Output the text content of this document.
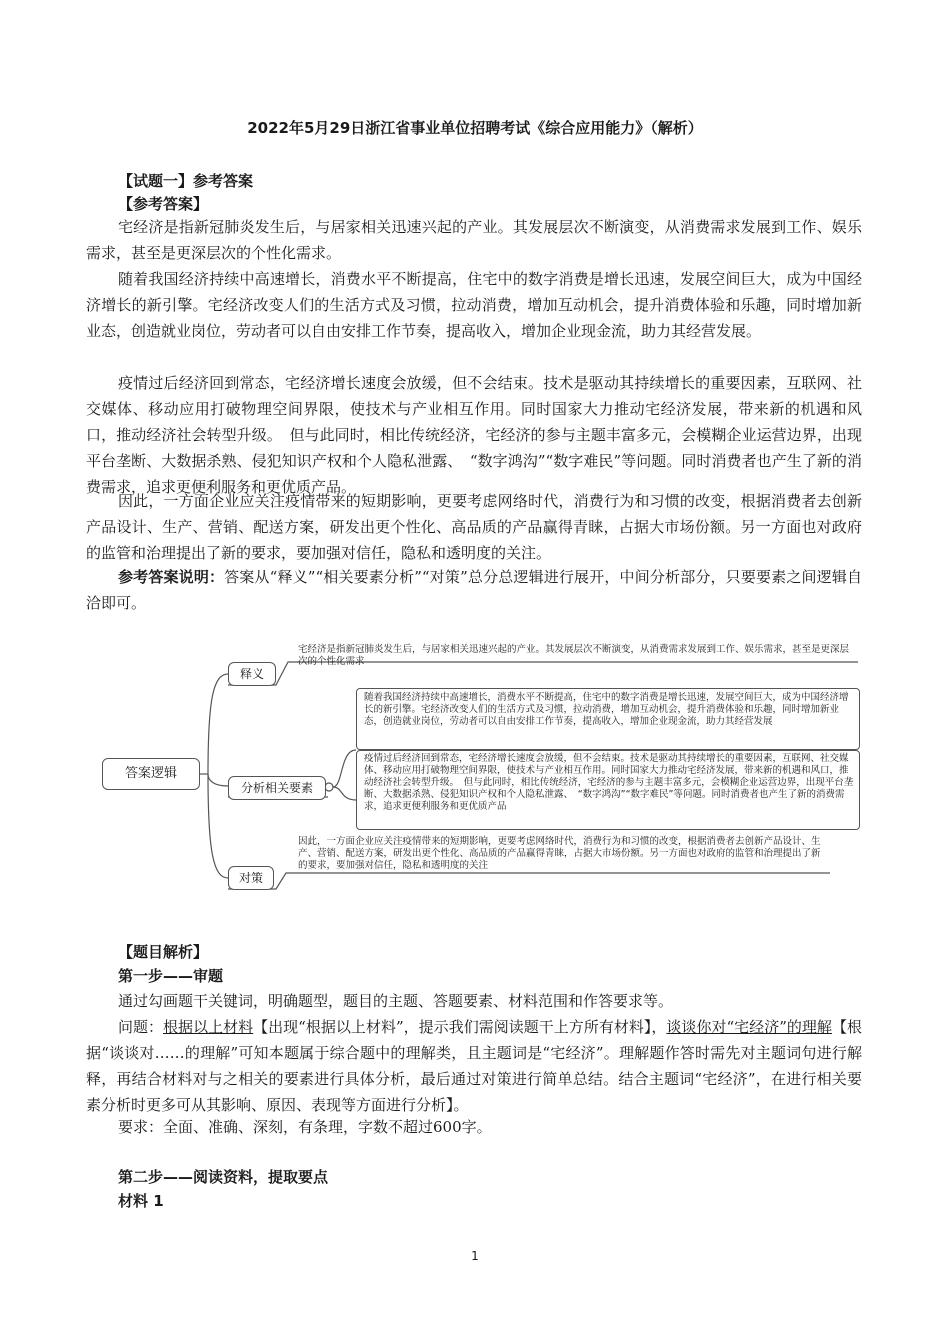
2022年5月29日浙江省事业单位招聘考试《综合应用能力》（解析）
【试题一】参考答案
【参考答案】

宅经济是指新冠肺炎发生后，与居家相关迅速兴起的产业。其发展层次不断演变，从消费需求发展到工作、娱乐需求，甚至是更深层次的个性化需求。

随着我国经济持续中高速增长，消费水平不断提高，住宅中的数字消费是增长迅速，发展空间巨大，成为中国经济增长的新引擎。宅经济改变人们的生活方式及习惯，拉动消费，增加互动机会，提升消费体验和乐趣，同时增加新业态，创造就业岗位，劳动者可以自由安排工作节奏，提高收入，增加企业现金流，助力其经营发展。

疫情过后经济回到常态，宅经济增长速度会放缓，但不会结束。技术是驱动其持续增长的重要因素，互联网、社交媒体、移动应用打破物理空间界限，使技术与产业相互作用。同时国家大力推动宅经济发展，带来新的机遇和风口，推动经济社会转型升级。　但与此同时，相比传统经济，宅经济的参与主题丰富多元，会模糊企业运营边界，出现平台垄断、大数据杀熟、侵犯知识产权和个人隐私泄露、　“数字鸿沟”“数字难民”等问题。同时消费者也产生了新的消费需求，追求更便利服务和更优质产品。

因此，一方面企业应关注疫情带来的短期影响，更要考虑网络时代，消费行为和习惯的改变，根据消费者去创新产品设计、生产、营销、配送方案，研发出更个性化、高品质的产品赢得青睐，占据大市场份额。另一方面也对政府的监管和治理提出了新的要求，要加强对信任，隐私和透明度的关注。

参考答案说明：答案从“释义”“相关要素分析”“对策”总分总逻辑进行展开，中间分析部分，只要要素之间逻辑自洽即可。

答案逻辑
释义
分析相关要素
对策
宅经济是指新冠肺炎发生后，与居家相关迅速兴起的产业。其发展层次不断演变，从消费需求发展到工作、娱乐需求，甚至是更深层次的个性化需求
随着我国经济持续中高速增长，消费水平不断提高，住宅中的数字消费是增长迅速，发展空间巨大，成为中国经济增长的新引擎。宅经济改变人们的生活方式及习惯，拉动消费，增加互动机会，提升消费体验和乐趣，同时增加新业态，创造就业岗位，劳动者可以自由安排工作节奏，提高收入，增加企业现金流，助力其经营发展
疫情过后经济回到常态，宅经济增长速度会放缓，但不会结束。技术是驱动其持续增长的重要因素，互联网、社交媒体、移动应用打破物理空间界限，使技术与产业相互作用。同时国家大力推动宅经济发展，带来新的机遇和风口，推动经济社会转型升级。　但与此同时，相比传统经济，宅经济的参与主题丰富多元，会模糊企业运营边界，出现平台垄断、大数据杀熟、侵犯知识产权和个人隐私泄露、　“数字鸿沟”“数字难民”等问题。同时消费者也产生了新的消费需求，追求更便利服务和更优质产品
因此，一方面企业应关注疫情带来的短期影响，更要考虑网络时代，消费行为和习惯的改变，根据消费者去创新产品设计、生产、营销、配送方案，研发出更个性化、高品质的产品赢得青睐，占据大市场份额。另一方面也对政府的监管和治理提出了新的要求，要加强对信任，隐私和透明度的关注
【题目解析】
第一步——审题

通过勾画题干关键词，明确题型，题目的主题、答题要素、材料范围和作答要求等。

问题：根据以上材料【出现“根据以上材料”，提示我们需阅读题干上方所有材料】，谈谈你对“宅经济”的理解【根据“谈谈对……的理解”可知本题属于综合题中的理解类，且主题词是“宅经济”。理解题作答时需先对主题词句进行解释，再结合材料对与之相关的要素进行具体分析，最后通过对策进行简单总结。结合主题词“宅经济”，在进行相关要素分析时更多可从其影响、原因、表现等方面进行分析】。

要求：全面、准确、深刻，有条理，字数不超过600字。

第二步——阅读资料，提取要点
材料 1
1
